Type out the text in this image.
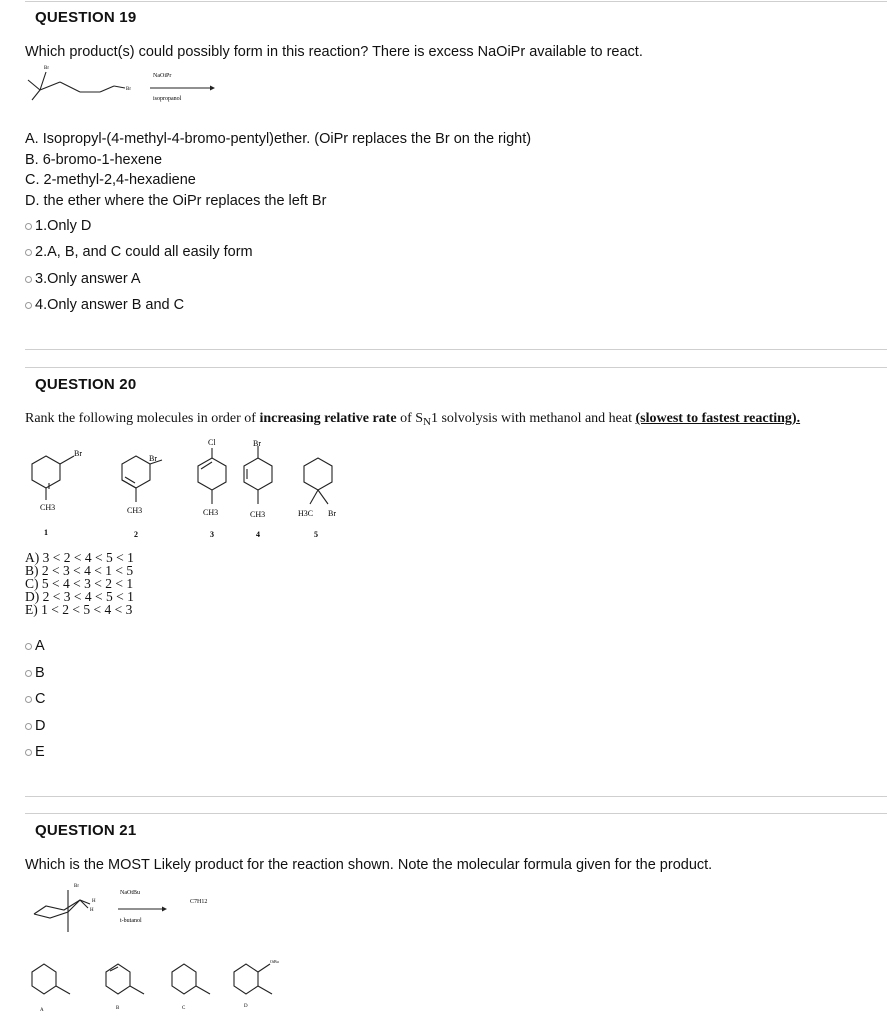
QUESTION 19
Which product(s) could possibly form in this reaction? There is excess NaOiPr available to react.
Br
Br
NaOiPr
isopropanol
A. Isopropyl-(4-methyl-4-bromo-pentyl)ether. (OiPr replaces the Br on the right)
B. 6-bromo-1-hexene
C. 2-methyl-2,4-hexadiene
D. the ether where the OiPr replaces the left Br
1. Only D
2. A, B, and C could all easily form
3. Only answer A
4. Only answer B and C
QUESTION 20
Rank the following molecules in order of increasing relative rate of $S_N1$ solvolysis with methanol and heat (slowest to fastest reacting).
Br
CH3
1
Br
CH3
2
Cl
CH3
3
Br
CH3
4
H3C Br
5
A) 3 < 2 < 4 < 5 < 1
B) 2 < 3 < 4 < 1 < 5
C) 5 < 4 < 3 < 2 < 1
D) 2 < 3 < 4 < 5 < 1
E) 1 < 2 < 5 < 4 < 3
A
B
C
D
E
QUESTION 21
Which is the MOST Likely product for the reaction shown. Note the molecular formula given for the product.
Br
H
H
NaOtBu
t-butanol
C7H12
A	B	C	D
OtBu
